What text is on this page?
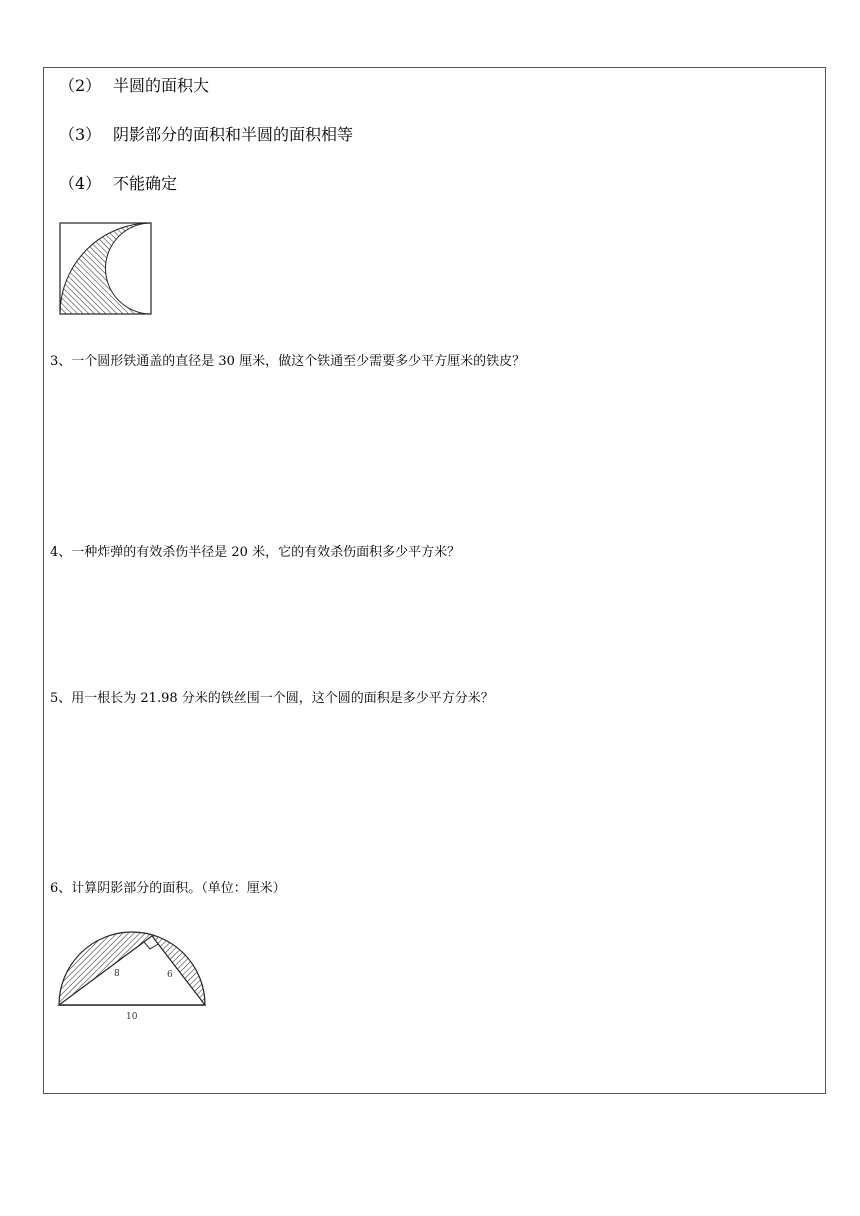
（2） 半圆的面积大
（3） 阴影部分的面积和半圆的面积相等
（4） 不能确定
3、一个圆形铁通盖的直径是 30 厘米，做这个铁通至少需要多少平方厘米的铁皮？
4、一种炸弹的有效杀伤半径是 20 米，它的有效杀伤面积多少平方米？
5、用一根长为 21.98 分米的铁丝围一个圆，这个圆的面积是多少平方分米？
6、计算阴影部分的面积。（单位：厘米）
8	6
10
